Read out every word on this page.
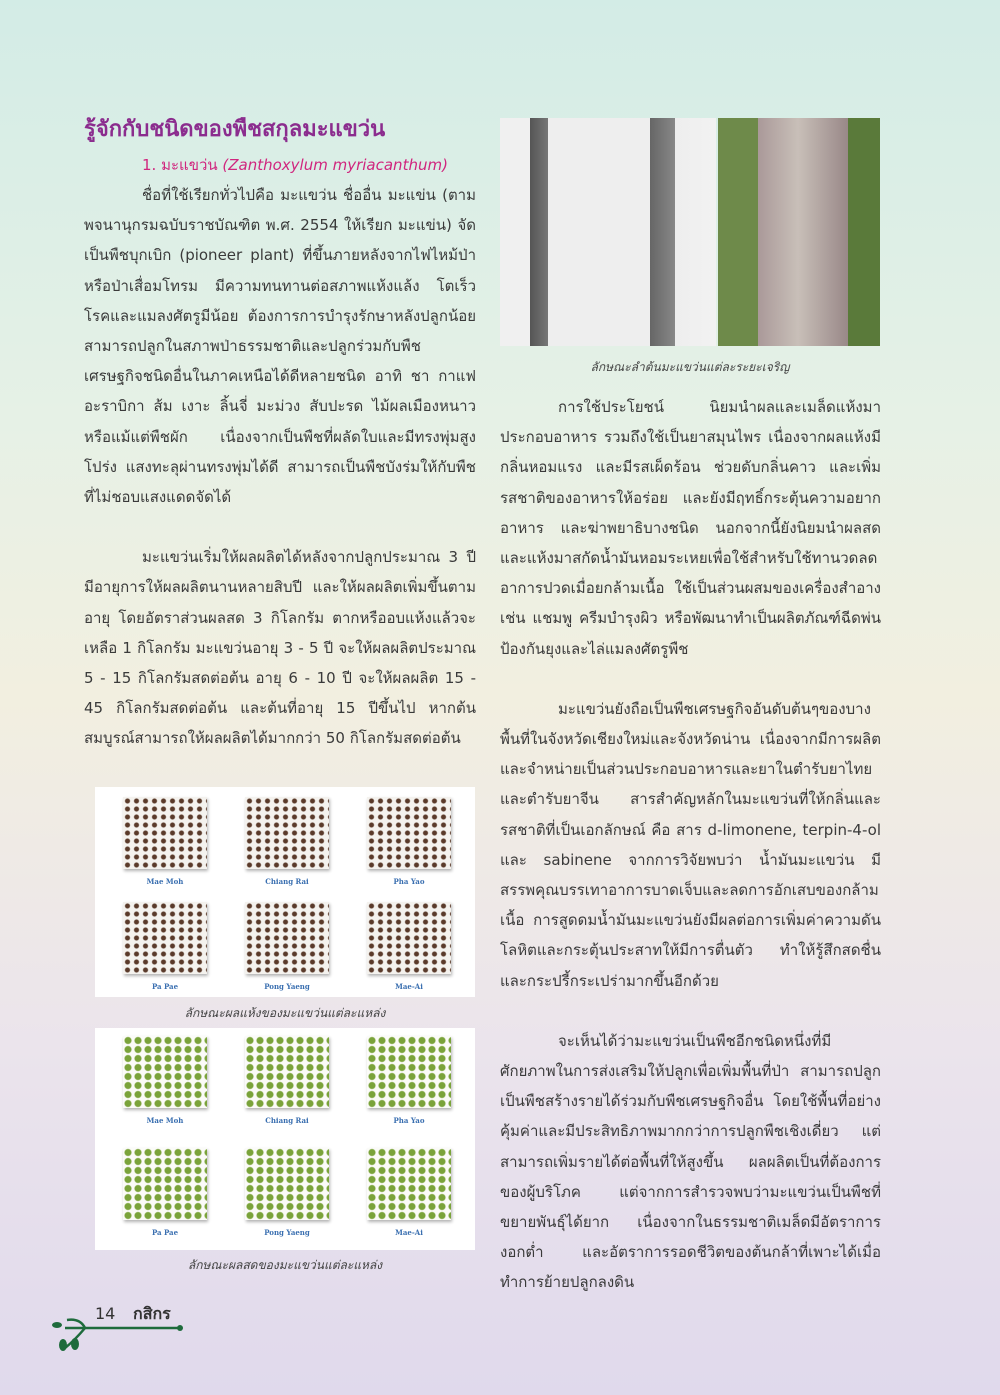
รู้จักกับชนิดของพืชสกุลมะแขว่น
1. มะแขว่น (Zanthoxylum myriacanthum)

ชื่อที่ใช้เรียกทั่วไปคือ มะแขว่น ชื่ออื่น มะแข่น (ตามพจนานุกรมฉบับราชบัณฑิต พ.ศ. 2554 ให้เรียก มะแข่น) จัดเป็นพืชบุกเบิก (pioneer plant) ที่ขึ้นภายหลังจากไฟไหม้ป่าหรือป่าเสื่อมโทรม มีความทนทานต่อสภาพแห้งแล้ง โตเร็ว โรคและแมลงศัตรูมีน้อย ต้องการการบำรุงรักษาหลังปลูกน้อย สามารถปลูกในสภาพป่าธรรมชาติและปลูกร่วมกับพืชเศรษฐกิจชนิดอื่นในภาคเหนือได้ดีหลายชนิด อาทิ ชา กาแฟอะราบิกา ส้ม เงาะ ลิ้นจี่ มะม่วง สับปะรด ไม้ผลเมืองหนาว หรือแม้แต่พืชผัก เนื่องจากเป็นพืชที่ผลัดใบและมีทรงพุ่มสูงโปร่ง แสงทะลุผ่านทรงพุ่มได้ดี สามารถเป็นพืชบังร่มให้กับพืชที่ไม่ชอบแสงแดดจัดได้

มะแขว่นเริ่มให้ผลผลิตได้หลังจากปลูกประมาณ 3 ปี มีอายุการให้ผลผลิตนานหลายสิบปี และให้ผลผลิตเพิ่มขึ้นตามอายุ โดยอัตราส่วนผลสด 3 กิโลกรัม ตากหรืออบแห้งแล้วจะเหลือ 1 กิโลกรัม มะแขว่นอายุ 3 - 5 ปี จะให้ผลผลิตประมาณ 5 - 15 กิโลกรัมสดต่อต้น อายุ 6 - 10 ปี จะให้ผลผลิต 15 - 45 กิโลกรัมสดต่อต้น และต้นที่อายุ 15 ปีขึ้นไป หากต้นสมบูรณ์สามารถให้ผลผลิตได้มากกว่า 50 กิโลกรัมสดต่อต้น

ลักษณะลำต้นมะแขว่นแต่ละระยะเจริญ

การใช้ประโยชน์ นิยมนำผลและเมล็ดแห้งมาประกอบอาหาร รวมถึงใช้เป็นยาสมุนไพร เนื่องจากผลแห้งมีกลิ่นหอมแรง และมีรสเผ็ดร้อน ช่วยดับกลิ่นคาว และเพิ่มรสชาติของอาหารให้อร่อย และยังมีฤทธิ์กระตุ้นความอยากอาหาร และฆ่าพยาธิบางชนิด นอกจากนี้ยังนิยมนำผลสดและแห้งมาสกัดน้ำมันหอมระเหยเพื่อใช้สำหรับใช้ทานวดลดอาการปวดเมื่อยกล้ามเนื้อ ใช้เป็นส่วนผสมของเครื่องสำอาง เช่น แชมพู ครีมบำรุงผิว หรือพัฒนาทำเป็นผลิตภัณฑ์ฉีดพ่นป้องกันยุงและไล่แมลงศัตรูพืช

มะแขว่นยังถือเป็นพืชเศรษฐกิจอันดับต้นๆของบางพื้นที่ในจังหวัดเชียงใหม่และจังหวัดน่าน เนื่องจากมีการผลิตและจำหน่ายเป็นส่วนประกอบอาหารและยาในตำรับยาไทยและตำรับยาจีน สารสำคัญหลักในมะแขว่นที่ให้กลิ่นและรสชาติที่เป็นเอกลักษณ์ คือ สาร d-limonene, terpin-4-ol และ sabinene จากการวิจัยพบว่า น้ำมันมะแขว่น มีสรรพคุณบรรเทาอาการบาดเจ็บและลดการอักเสบของกล้ามเนื้อ การสูดดมน้ำมันมะแขว่นยังมีผลต่อการเพิ่มค่าความดันโลหิตและกระตุ้นประสาทให้มีการตื่นตัว ทำให้รู้สึกสดชื่นและกระปรี้กระเปร่ามากขึ้นอีกด้วย

จะเห็นได้ว่ามะแขว่นเป็นพืชอีกชนิดหนึ่งที่มีศักยภาพในการส่งเสริมให้ปลูกเพื่อเพิ่มพื้นที่ป่า สามารถปลูกเป็นพืชสร้างรายได้ร่วมกับพืชเศรษฐกิจอื่น โดยใช้พื้นที่อย่างคุ้มค่าและมีประสิทธิภาพมากกว่าการปลูกพืชเชิงเดี่ยว แต่สามารถเพิ่มรายได้ต่อพื้นที่ให้สูงขึ้น ผลผลิตเป็นที่ต้องการของผู้บริโภค แต่จากการสำรวจพบว่ามะแขว่นเป็นพืชที่ขยายพันธุ์ได้ยาก เนื่องจากในธรรมชาติเมล็ดมีอัตราการงอกต่ำ และอัตราการรอดชีวิตของต้นกล้าที่เพาะได้เมื่อทำการย้ายปลูกลงดิน

Mae Moh	Chiang Rai	Pha Yao
Pa Pae	Pong Yaeng	Mae-Ai
ลักษณะผลแห้งของมะแขว่นแต่ละแหล่ง
Mae Moh	Chiang Rai	Pha Yao
Pa Pae	Pong Yaeng	Mae-Ai
ลักษณะผลสดของมะแขว่นแต่ละแหล่ง
14 กสิกร
